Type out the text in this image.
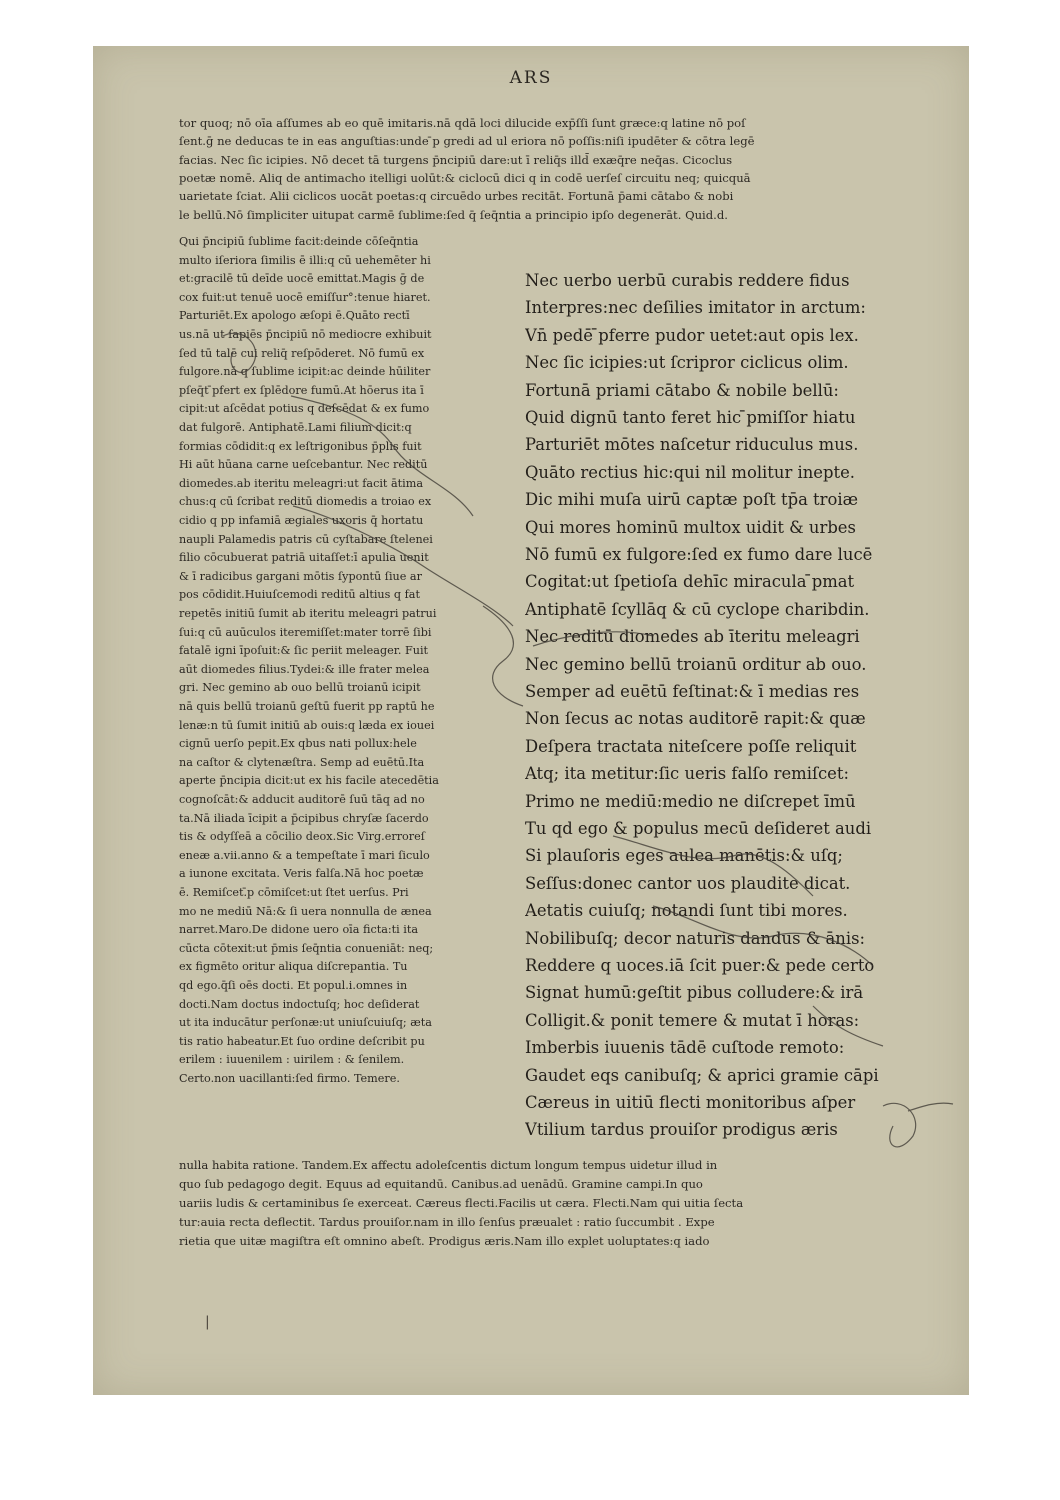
ARS
tor quoq; nō oīa aſſumes ab eo quē imitaris.nā qdā loci dilucide exp̄ſſi ſunt græce:q latine nō poſ
ſent.ḡ ne deducas te in eas anguſtias:unde ̄p gredi ad ul eriora nō poſſis:niſi ipudēter & cōtra legē
facias. Nec ſic icipies. Nō decet tā turgens p̄ncipiū dare:ut ī reliq̄s illd̄ exæq̄re neq̄as. Cicoclus
poetæ nomē. Aliq de antimacho itelligi uolūt:& ciclocū dici q in codē uerſeſ circuitu neq; quicquā
uarietate ſciat. Alii ciclicos uocāt poetas:q circuēdo urbes recitāt. Fortunā p̄ami cātabo & nobi
le bellū.Nō ſimpliciter uitupat carmē ſublime:ſed q̄ ſeq̄ntia a principio ipſo degenerāt. Quid.d.
Qui p̄ncipiū ſublime facit:deinde cōſeq̄ntia
multo iſeriora ſimilis ē illi:q cū uehemēter hi
et:gracilē tū deīde uocē emittat.Magis ḡ de
cox fuit:ut tenuē uocē emiſſur°:tenue hiaret.
Parturiēt.Ex apologo æſopi ē.Quāto rectī
us.nā ut ſapiēs p̄ncipiū nō mediocre exhibuit
ſed tū talē cui reliq̄ reſpōderet. Nō fumū ex
fulgore.nā q ſublime icipit:ac deinde hūiliter
̄pſeq̄t ̄pfert ex ſplēdore fumū.At hōerus ita ī
cipit:ut aſcēdat potius q deſcēdat & ex fumo
dat fulgorē. Antiphatē.Lami filium dicit:q
formias cōdidit:q ex leſtrigonibus p̄plis fuit
Hi aūt hūana carne ueſcebantur. Nec reditū
diomedes.ab iteritu meleagri:ut facit ātima
chus:q cū ſcribat reditū diomedis a troiao ex
cidio q pp infamiā ægiales uxoris q̄ hortatu
naupli Palamedis patris cū cyſtabare ſtelenei
filio cōcubuerat patriā uitaſſet:ī apulia uenit
& ī radicibus gargani mōtis ſypontū ſiue ar
pos cōdidit.Huiuſcemodi reditū altius q fat
repetēs initiū ſumit ab iteritu meleagri patrui
ſui:q cū auūculos iteremiſſet:mater torrē ſibi
fatalē igni īpoſuit:& ſic periit meleager. Fuit
aūt diomedes filius.Tydei:& ille frater melea
gri. Nec gemino ab ouo bellū troianū icipit
nā quis bellū troianū geſtū fuerit pp raptū he
lenæ:n tū ſumit initiū ab ouis:q læda ex iouei
cignū uerſo pepit.Ex qbus nati pollux:hele
na caſtor & clytenæſtra. Semp ad euētū.Ita
aperte p̄ncipia dicit:ut ex his facile atecedētia
cognoſcāt:& adducit auditorē ſuū tāq ad no
ta.Nā iliada īcipit a p̄cipibus chryſæ ſacerdo
tis & odyſſeā a cōcilio deox.Sic Virg.erroreſ
eneæ a.vii.anno & a tempeſtate ī mari ſiculo
a iunone excitata. Veris falſa.Nā hoc poetæ
ē. Remiſcet.̄p cōmiſcet:ut ſtet uerſus. Pri
mo ne mediū Nā:& ſi uera nonnulla de ænea
narret.Maro.De didone uero oīa ficta:ti ita
cūcta cōtexit:ut p̄mis ſeq̄ntia conueniāt: neq;
ex figmēto oritur aliqua diſcrepantia. Tu
qd ego.q̄ſi oēs docti. Et popul.i.omnes in
docti.Nam doctus indoctuſq; hoc deſiderat
ut ita inducātur perſonæ:ut uniuſcuiuſq; æta
tis ratio habeatur.Et ſuo ordine deſcribit pu
erilem : iuuenilem : uirilem : & ſenilem.
Certo.non uacillanti:ſed firmo. Temere.
Nec uerbo uerbū curabis reddere fidus
Interpres:nec deſilies imitator in arctum:
Vn̄ pedē ̄pferre pudor uetet:aut opis lex.
Nec ſic icipies:ut ſcripror ciclicus olim.
Fortunā priami cātabo & nobile bellū:
Quid dignū tanto feret hic ̄pmiſſor hiatu
Parturiēt mōtes naſcetur riduculus mus.
Quāto rectius hic:qui nil molitur inepte.
Dic mihi muſa uirū captæ poſt tp̄a troiæ
Qui mores hominū multox uidit & urbes
Nō fumū ex fulgore:ſed ex fumo dare lucē
Cogitat:ut ſpetioſa dehīc miracula ̄pmat
Antiphatē ſcyllāq & cū cyclope charibdin.
Nec reditū diomedes ab īteritu meleagri
Nec gemino bellū troianū orditur ab ouo.
Semper ad euētū feſtinat:& ī medias res
Non ſecus ac notas auditorē rapit:& quæ
Deſpera tractata niteſcere poſſe reliquit
Atq; ita metitur:ſic ueris falſo remiſcet:
Primo ne mediū:medio ne diſcrepet īmū
Tu qd ego & populus mecū deſideret audi
Si plauſoris eges aulea manētis:& uſq;
Seſſus:donec cantor uos plaudite dicat.
Aetatis cuiuſq; notandi ſunt tibi mores.
Nobilibuſq; decor naturis dandus & ānis:
Reddere q uoces.iā ſcit puer:& pede certo
Signat humū:geſtit pibus colludere:& irā
Colligit.& ponit temere & mutat ī horas:
Imberbis iuuenis tādē cuſtode remoto:
Gaudet eqs canibuſq; & aprici gramie cāpi
Cæreus in uitiū flecti monitoribus aſper
Vtilium tardus prouiſor prodigus æris
nulla habita ratione. Tandem.Ex affectu adoleſcentis dictum longum tempus uidetur illud in
quo ſub pedagogo degit. Equus ad equitandū. Canibus.ad uenādū. Gramine campi.In quo
uariis ludis & certaminibus ſe exerceat. Cæreus flecti.Facilis ut cæra. Flecti.Nam qui uitia ſecta
tur:auia recta deflectit. Tardus prouiſor.nam in illo ſenſus præualet : ratio ſuccumbit . Expe
rietia que uitæ magiſtra eſt omnino abeſt. Prodigus æris.Nam illo explet uoluptates:q iado
|
